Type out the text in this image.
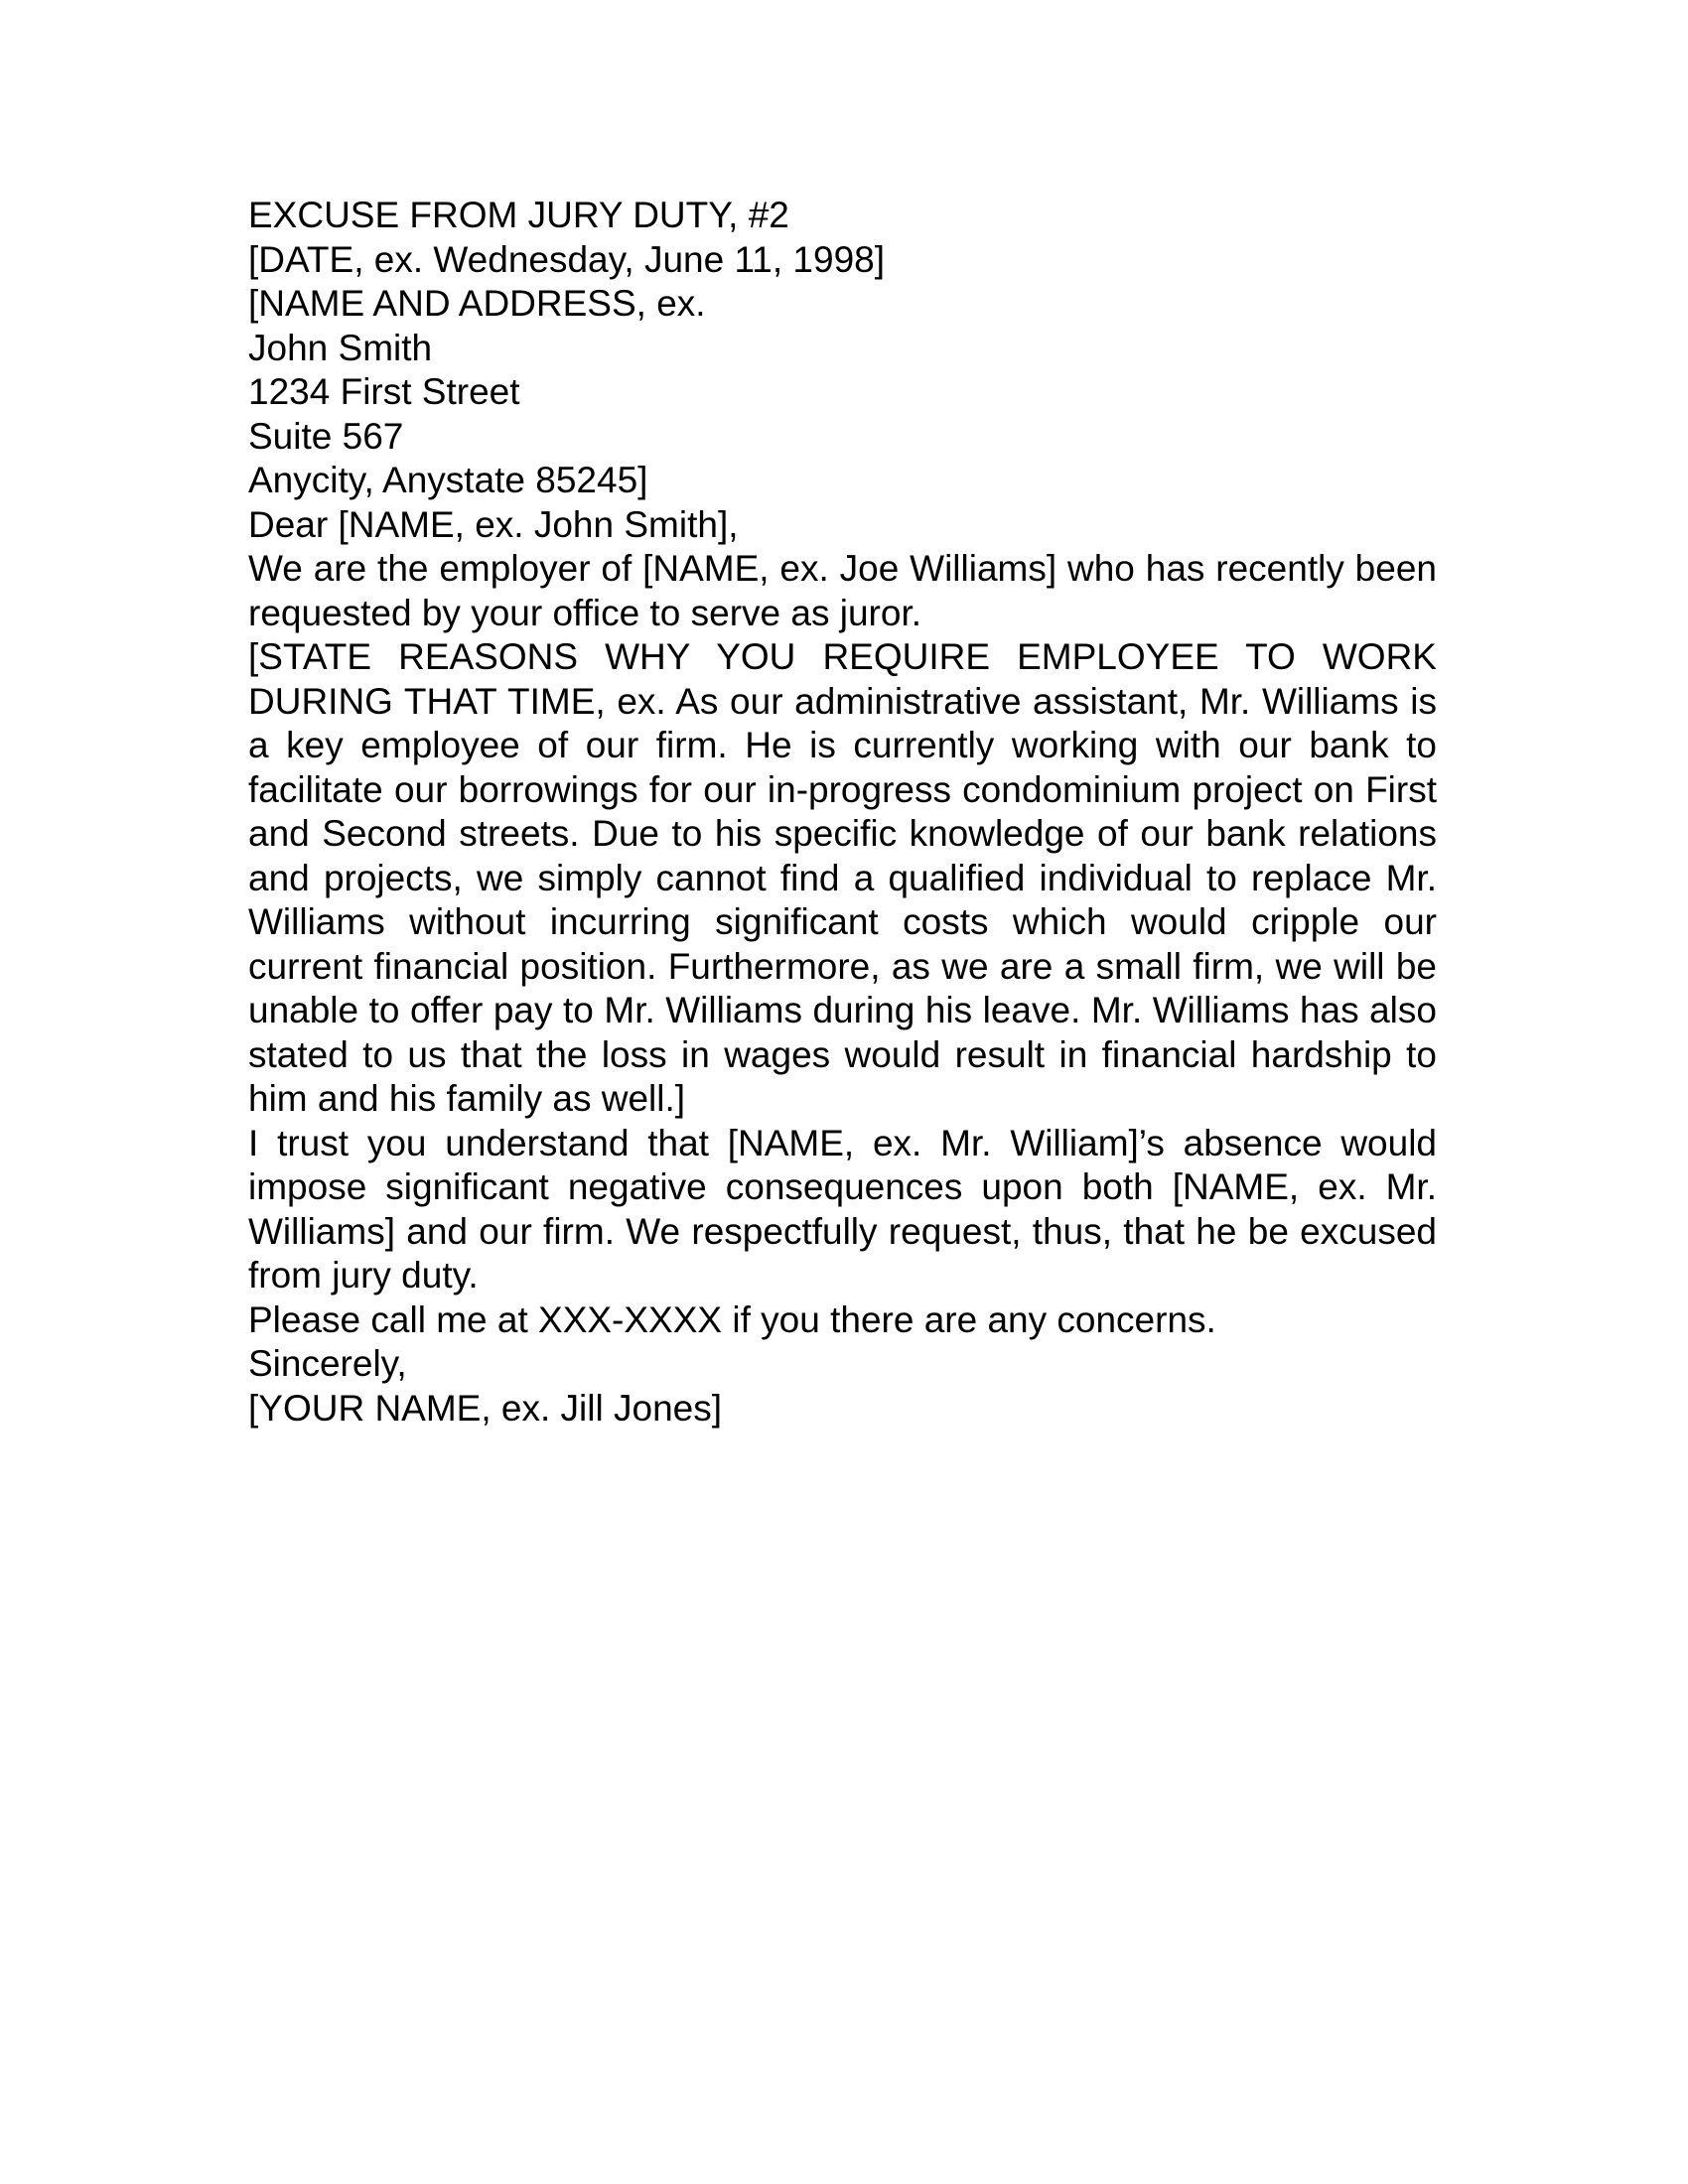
EXCUSE FROM JURY DUTY, #2

[DATE, ex. Wednesday, June 11, 1998]

[NAME AND ADDRESS, ex.
John Smith
1234 First Street
Suite 567
Anycity, Anystate 85245]

Dear [NAME, ex. John Smith],

We are the employer of [NAME, ex. Joe Williams] who has recently been requested by your office to serve as juror.

[STATE REASONS WHY YOU REQUIRE EMPLOYEE TO WORK DURING THAT TIME, ex. As our administrative assistant, Mr. Williams is a key employee of our firm. He is currently working with our bank to facilitate our borrowings for our in-progress condominium project on First and Second streets. Due to his specific knowledge of our bank relations and projects, we simply cannot find a qualified individual to replace Mr. Williams without incurring significant costs which would cripple our current financial position. Furthermore, as we are a small firm, we will be unable to offer pay to Mr. Williams during his leave. Mr. Williams has also stated to us that the loss in wages would result in financial hardship to him and his family as well.]

I trust you understand that [NAME, ex. Mr. William]’s absence would impose significant negative consequences upon both [NAME, ex. Mr. Williams] and our firm. We respectfully request, thus, that he be excused from jury duty.

Please call me at XXX-XXXX if you there are any concerns.

Sincerely,

[YOUR NAME, ex. Jill Jones]
